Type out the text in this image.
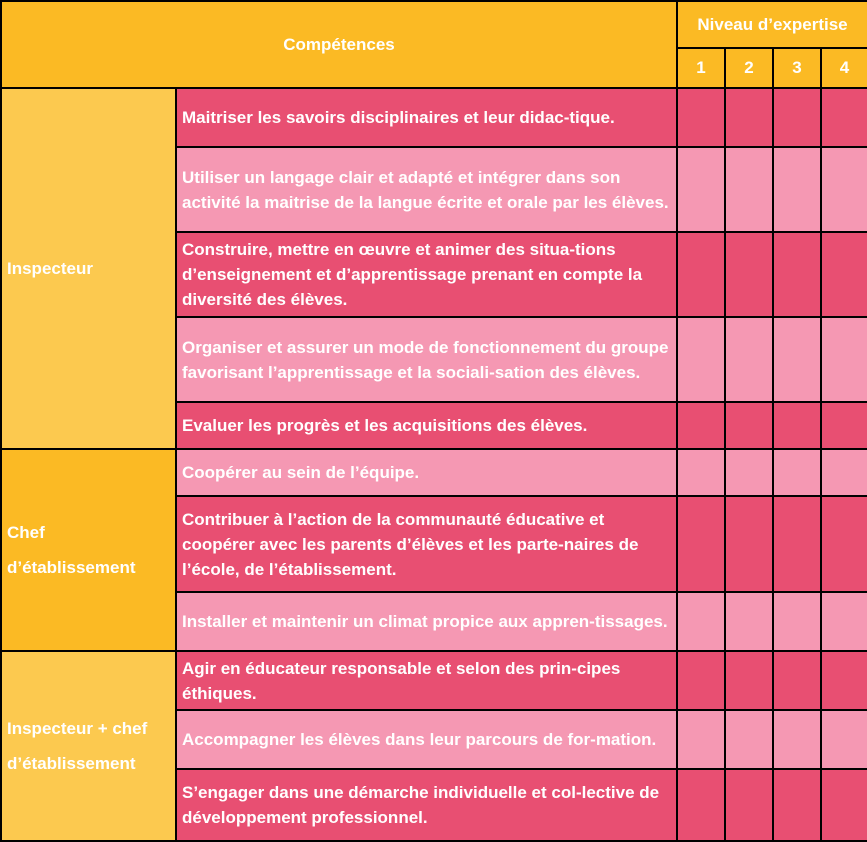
Compétences		Niveau d’expertise			
		1	2	3	4
Inspecteur	Maitriser les savoirs disciplinaires et leur didac-tique.				
	Utiliser un langage clair et adapté et intégrer dans son activité la maitrise de la langue écrite et orale par les élèves.				
	Construire, mettre en œuvre et animer des situa-tions d’enseignement et d’apprentissage prenant en compte la diversité des élèves.				
	Organiser et assurer un mode de fonctionnement du groupe favorisant l’apprentissage et la sociali-sation des élèves.				
	Evaluer les progrès et les acquisitions des élèves.				
Chef d’établissement	Coopérer au sein de l’équipe.				
	Contribuer à l’action de la communauté éducative et coopérer avec les parents d’élèves et les parte-naires de l’école, de l’établissement.				
	Installer et maintenir un climat propice aux appren-tissages.				
Inspecteur + chef d’établissement	Agir en éducateur responsable et selon des prin-cipes éthiques.				
	Accompagner les élèves dans leur parcours de for-mation.				
	S’engager dans une démarche individuelle et col-lective de développement professionnel.				
